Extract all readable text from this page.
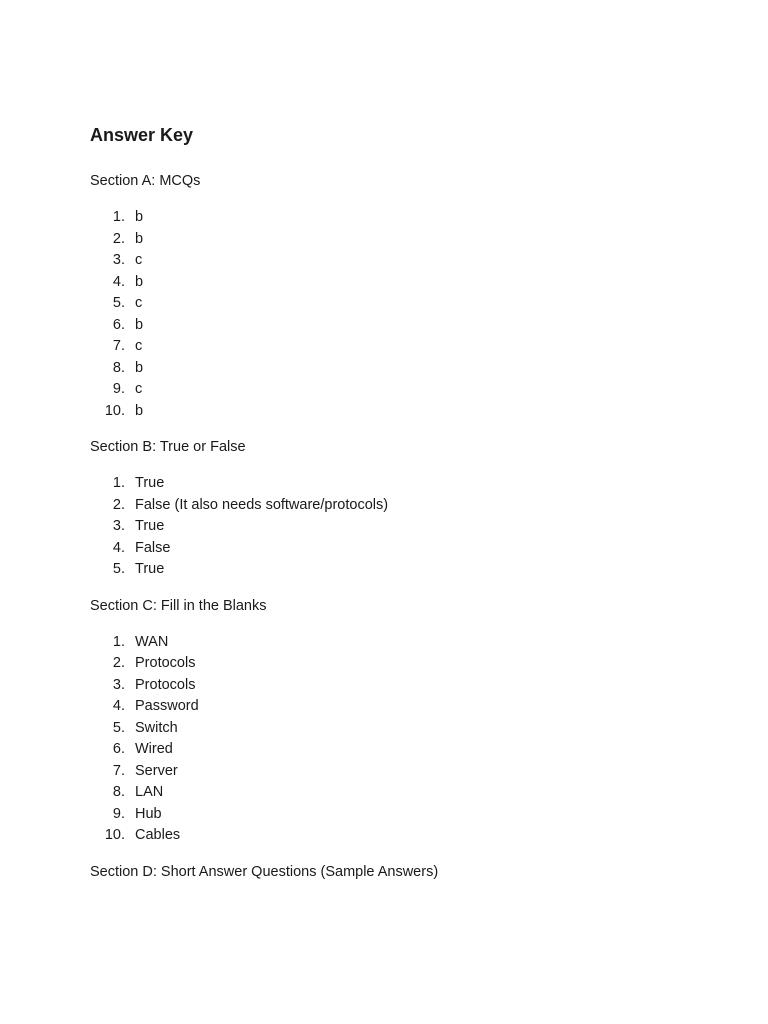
Answer Key

Section A: MCQs

1. b
2. b
3. c
4. b
5. c
6. b
7. c
8. b
9. c
10. b

Section B: True or False

1. True
2. False (It also needs software/protocols)
3. True
4. False
5. True

Section C: Fill in the Blanks

1. WAN
2. Protocols
3. Protocols
4. Password
5. Switch
6. Wired
7. Server
8. LAN
9. Hub
10. Cables

Section D: Short Answer Questions (Sample Answers)
